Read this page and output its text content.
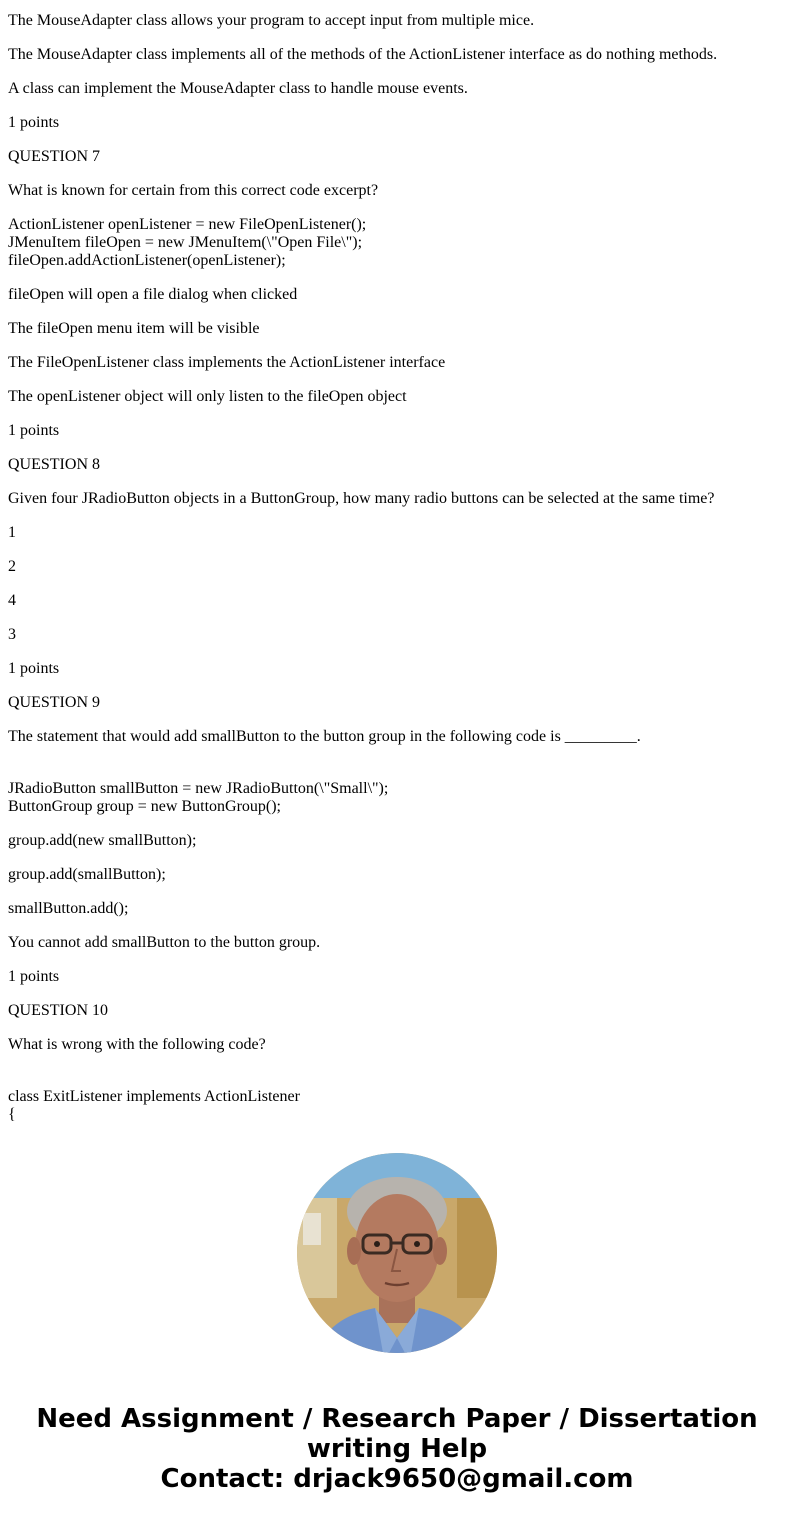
The MouseAdapter class allows your program to accept input from multiple mice.

The MouseAdapter class implements all of the methods of the ActionListener interface as do nothing methods.

A class can implement the MouseAdapter class to handle mouse events.

1 points

QUESTION 7

What is known for certain from this correct code excerpt?

ActionListener openListener = new FileOpenListener();
JMenuItem fileOpen = new JMenuItem(\"Open File\");
fileOpen.addActionListener(openListener);

fileOpen will open a file dialog when clicked

The fileOpen menu item will be visible

The FileOpenListener class implements the ActionListener interface

The openListener object will only listen to the fileOpen object

1 points

QUESTION 8

Given four JRadioButton objects in a ButtonGroup, how many radio buttons can be selected at the same time?

1

2

4

3

1 points

QUESTION 9

The statement that would add smallButton to the button group in the following code is _________.

JRadioButton smallButton = new JRadioButton(\"Small\");
ButtonGroup group = new ButtonGroup();

group.add(new smallButton);

group.add(smallButton);

smallButton.add();

You cannot add smallButton to the button group.

1 points

QUESTION 10

What is wrong with the following code?

class ExitListener implements ActionListener
{

Need Assignment / Research Paper / Dissertation
writing Help
Contact: drjack9650@gmail.com
